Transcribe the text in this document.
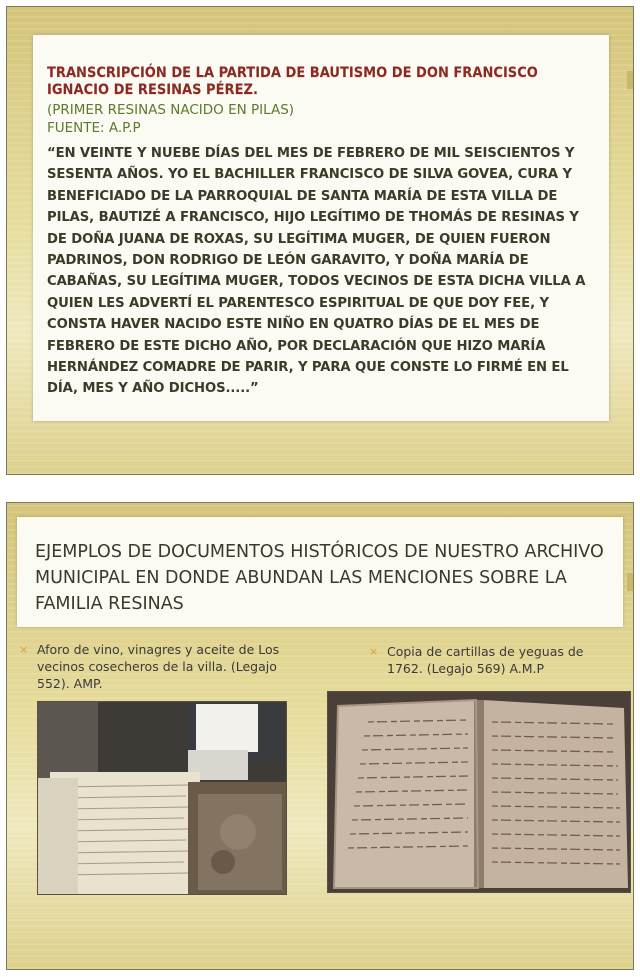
TRANSCRIPCIÓN DE LA PARTIDA DE BAUTISMO DE DON FRANCISCO IGNACIO DE RESINAS PÉREZ.

(PRIMER RESINAS NACIDO EN PILAS)

FUENTE: A.P.P

“EN VEINTE Y NUEBE DÍAS DEL MES DE FEBRERO DE MIL SEISCIENTOS Y SESENTA AÑOS. YO EL BACHILLER FRANCISCO DE SILVA GOVEA, CURA Y BENEFICIADO DE LA PARROQUIAL DE SANTA MARÍA DE ESTA VILLA DE PILAS, BAUTIZÉ A FRANCISCO, HIJO LEGÍTIMO DE THOMÁS DE RESINAS Y DE DOÑA JUANA DE ROXAS, SU LEGÍTIMA MUGER, DE QUIEN FUERON PADRINOS, DON RODRIGO DE LEÓN GARAVITO, Y DOÑA MARÍA DE CABAÑAS, SU LEGÍTIMA MUGER, TODOS VECINOS DE ESTA DICHA VILLA A QUIEN LES ADVERTÍ EL PARENTESCO ESPIRITUAL DE QUE DOY FEE, Y CONSTA HAVER NACIDO ESTE NIÑO EN QUATRO DÍAS DE EL MES DE FEBRERO DE ESTE DICHO AÑO, POR DECLARACIÓN QUE HIZO MARÍA HERNÁNDEZ COMADRE DE PARIR, Y PARA QUE CONSTE LO FIRMÉ EN EL DÍA, MES Y AÑO DICHOS.....”

EJEMPLOS DE DOCUMENTOS HISTÓRICOS DE NUESTRO ARCHIVO MUNICIPAL EN DONDE ABUNDAN LAS MENCIONES SOBRE LA FAMILIA RESINAS

× Aforo de vino, vinagres y aceite de Los vecinos cosecheros de la villa. (Legajo 552). AMP.
× Copia de cartillas de yeguas de 1762. (Legajo 569) A.M.P
